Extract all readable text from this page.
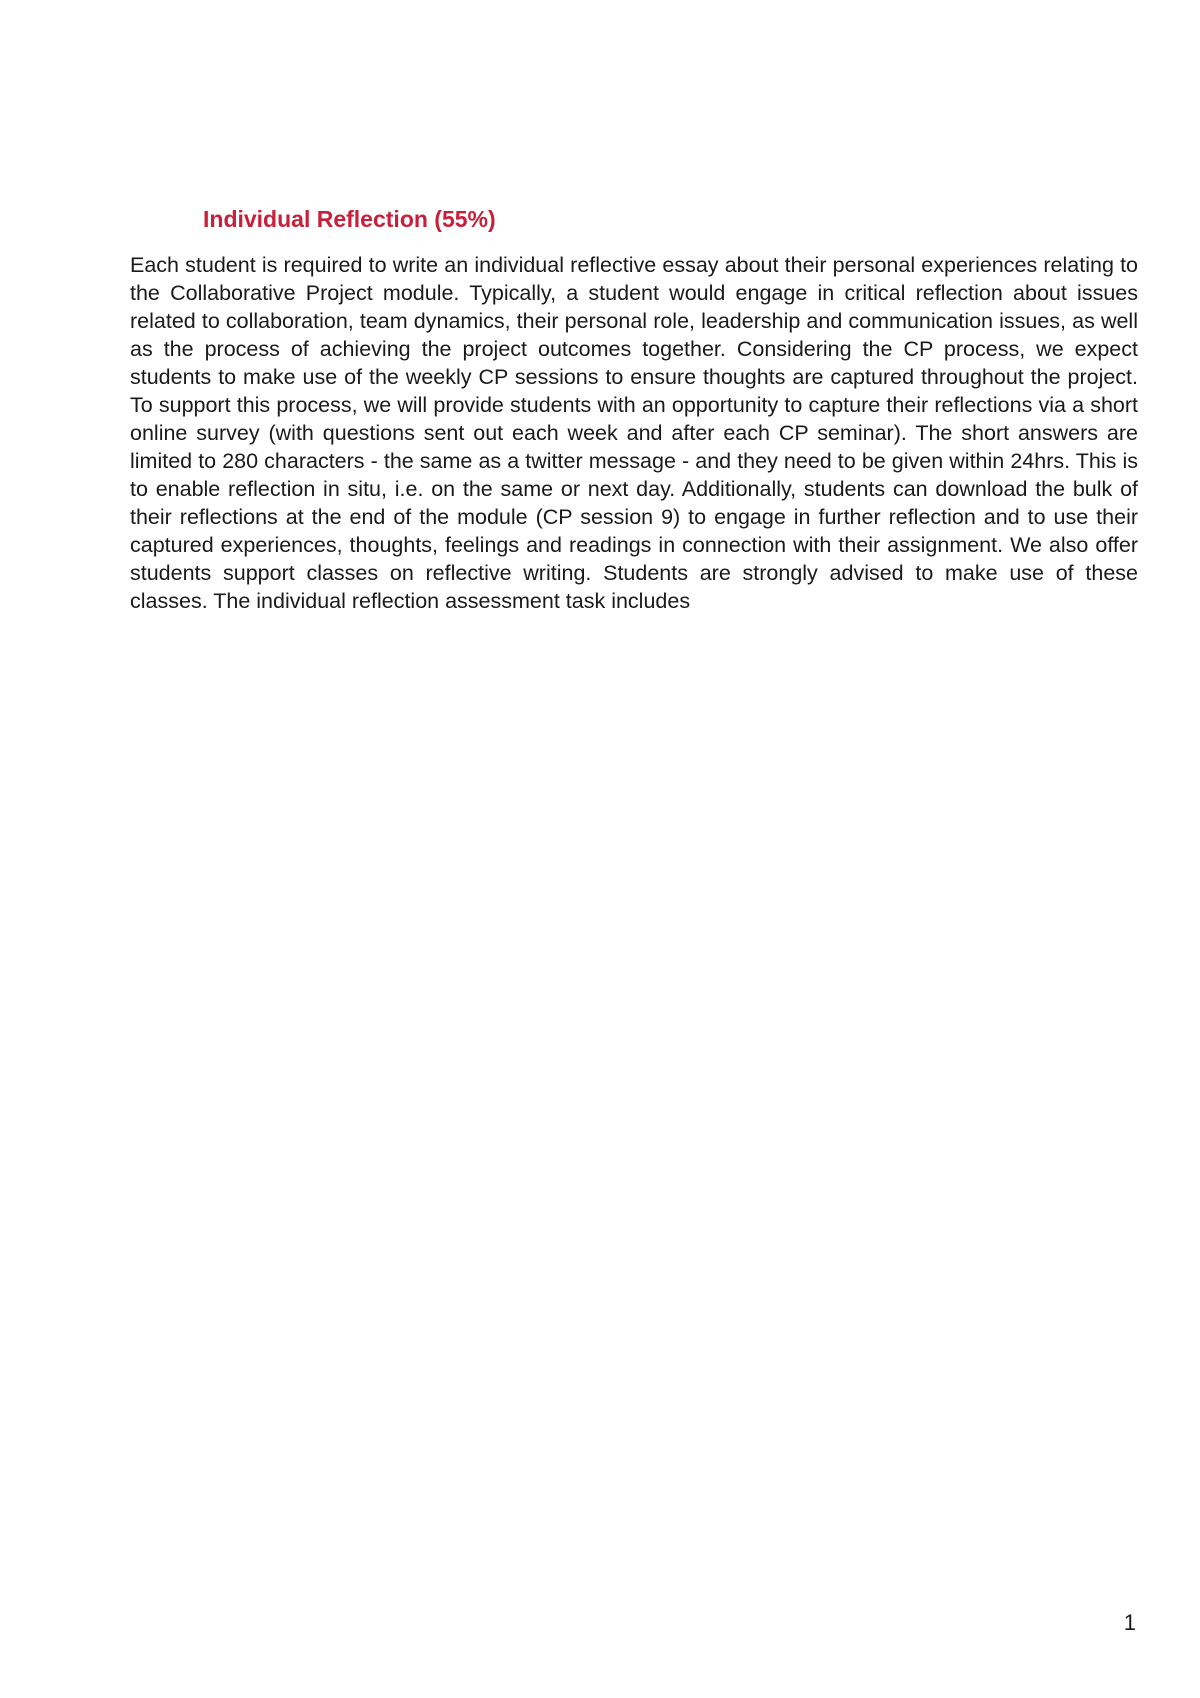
Individual Reflection (55%)

Each student is required to write an individual reflective essay about their personal experiences relating to the Collaborative Project module. Typically, a student would engage in critical reflection about issues related to collaboration, team dynamics, their personal role, leadership and communication issues, as well as the process of achieving the project outcomes together. Considering the CP process, we expect students to make use of the weekly CP sessions to ensure thoughts are captured throughout the project. To support this process, we will provide students with an opportunity to capture their reflections via a short online survey (with questions sent out each week and after each CP seminar). The short answers are limited to 280 characters - the same as a twitter message - and they need to be given within 24hrs. This is to enable reflection in situ, i.e. on the same or next day. Additionally, students can download the bulk of their reflections at the end of the module (CP session 9) to engage in further reflection and to use their captured experiences, thoughts, feelings and readings in connection with their assignment. We also offer students support classes on reflective writing. Students are strongly advised to make use of these classes. The individual reflection assessment task includes

1
